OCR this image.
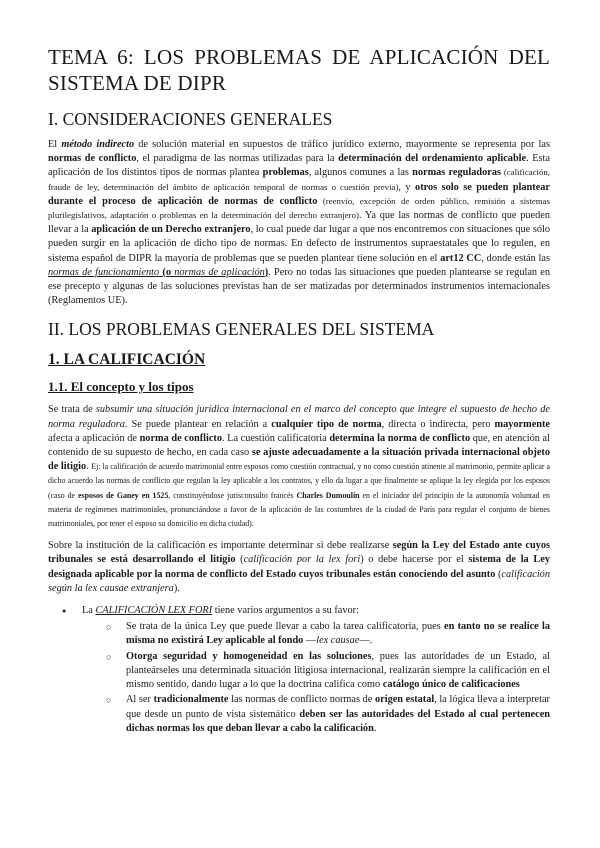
TEMA 6: LOS PROBLEMAS DE APLICACIÓN DEL SISTEMA DE DIPR
I. CONSIDERACIONES GENERALES

El método indirecto de solución material en supuestos de tráfico jurídico externo, mayormente se representa por las normas de conflicto, el paradigma de las normas utilizadas para la determinación del ordenamiento aplicable. Esta aplicación de los distintos tipos de normas plantea problemas, algunos comunes a las normas reguladoras (calificación, fraude de ley, determinación del ámbito de aplicación temporal de normas o cuestión previa), y otros solo se pueden plantear durante el proceso de aplicación de normas de conflicto (reenvío, excepción de orden público, remisión a sistemas plurilegislativos, adaptación o problemas en la determinación del derecho extranjero). Ya que las normas de conflicto que pueden llevar a la aplicación de un Derecho extranjero, lo cual puede dar lugar a que nos encontremos con situaciones que sólo pueden surgir en la aplicación de dicho tipo de normas. En defecto de instrumentos supraestatales que lo regulen, en sistema español de DIPR la mayoría de problemas que se pueden plantear tiene solución en el art12 CC, donde están las normas de funcionamiento (o normas de aplicación). Pero no todas las situaciones que pueden plantearse se regulan en ese precepto y algunas de las soluciones previstas han de ser matizadas por determinados instrumentos internacionales (Reglamentos UE).

II. LOS PROBLEMAS GENERALES DEL SISTEMA
1. LA CALIFICACIÓN
1.1. El concepto y los tipos

Se trata de subsumir una situación jurídica internacional en el marco del concepto que integre el supuesto de hecho de norma reguladora. Se puede plantear en relación a cualquier tipo de norma, directa o indirecta, pero mayormente afecta a aplicación de norma de conflicto. La cuestión calificatoria determina la norma de conflicto que, en atención al contenido de su supuesto de hecho, en cada caso se ajuste adecuadamente a la situación privada internacional objeto de litigio. Ej: la calificación de acuerdo matrimonial entre esposos como cuestión contractual, y no como cuestión atinente al matrimonio, permite aplicar a dicho acuerdo las normas de conflicto que regulan la ley aplicable a los contratos, y ello da lugar a que finalmente se aplique la ley elegida por los esposos (caso de esposos de Ganey en 1525, constituyéndose jurisconsulto francés Charles Dumoulin en el iniciador del principio de la autonomía voluntad en materia de regímenes matrimoniales, pronunciándose a favor de la aplicación de las costumbres de la ciudad de París para regular el conjunto de bienes matrimoniales, por tener el esposo su domicilio en dicha ciudad).

Sobre la institución de la calificación es importante determinar si debe realizarse según la Ley del Estado ante cuyos tribunales se está desarrollando el litigio (calificación por la lex fori) o debe hacerse por el sistema de la Ley designada aplicable por la norma de conflicto del Estado cuyos tribunales están conociendo del asunto (calificación según la lex causae extranjera).

● La CALIFICACIÓN LEX FORI tiene varios argumentos a su favor:
○ Se trata de la única Ley que puede llevar a cabo la tarea calificatoria, pues en tanto no se realice la misma no existirá Ley aplicable al fondo —lex causae—.
○ Otorga seguridad y homogeneidad en las soluciones, pues las autoridades de un Estado, al planteárseles una determinada situación litigiosa internacional, realizarán siempre la calificación en el mismo sentido, dando lugar a lo que la doctrina califica como catálogo único de calificaciones
○ Al ser tradicionalmente las normas de conflicto normas de origen estatal, la lógica lleva a interpretar que desde un punto de vista sistemático deben ser las autoridades del Estado al cual pertenecen dichas normas los que deban llevar a cabo la calificación.
